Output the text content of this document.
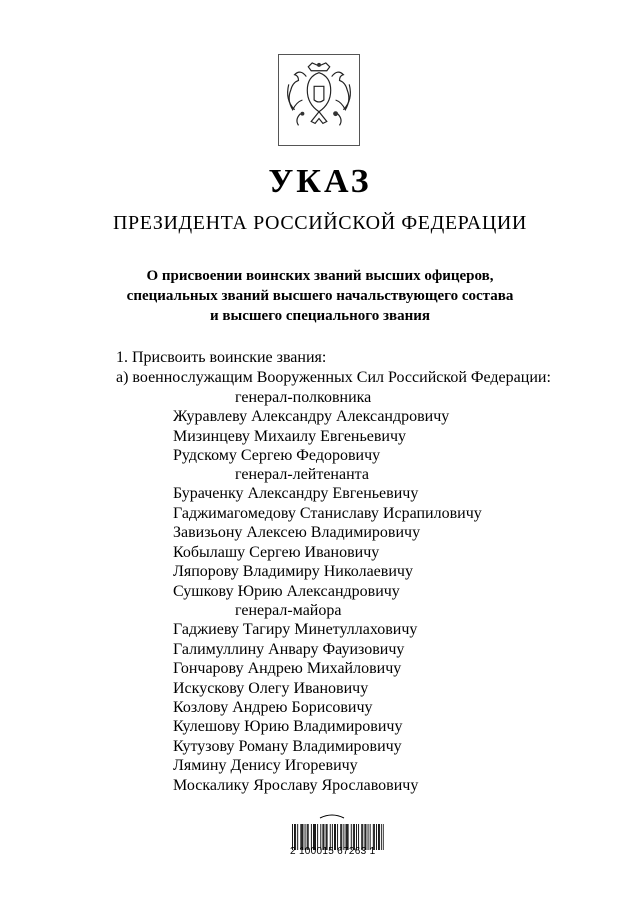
УКАЗ
ПРЕЗИДЕНТА РОССИЙСКОЙ ФЕДЕРАЦИИ
О присвоении воинских званий высших офицеров,
специальных званий высшего начальствующего состава
и высшего специального звания
1. Присвоить воинские звания:
а) военнослужащим Вооруженных Сил Российской Федерации:
генерал-полковника
Журавлеву Александру Александровичу
Мизинцеву Михаилу Евгеньевичу
Рудскому Сергею Федоровичу
генерал-лейтенанта
Бураченку Александру Евгеньевичу
Гаджимагомедову Станиславу Исрапиловичу
Завизьону Алексею Владимировичу
Кобылашу Сергею Ивановичу
Ляпорову Владимиру Николаевичу
Сушкову Юрию Александровичу
генерал-майора
Гаджиеву Тагиру Минетуллаховичу
Галимуллину Анвару Фауизовичу
Гончарову Андрею Михайловичу
Искускову Олегу Ивановичу
Козлову Андрею Борисовичу
Кулешову Юрию Владимировичу
Кутузову Роману Владимировичу
Лямину Денису Игоревичу
Москалику Ярославу Ярославовичу
2 100015 67263 1
